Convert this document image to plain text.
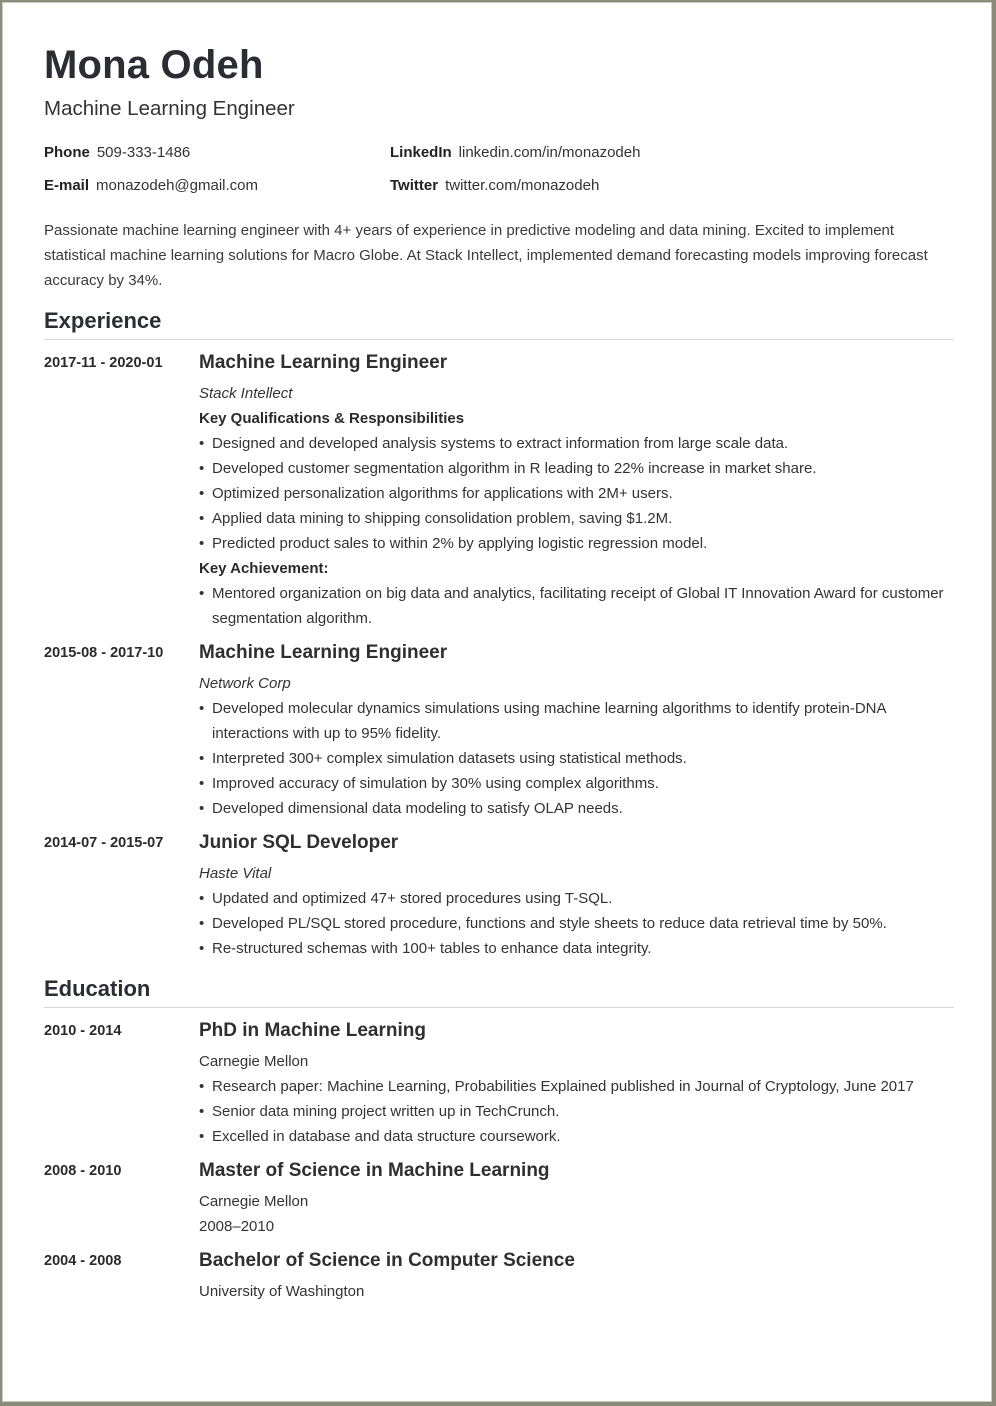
Mona Odeh
Machine Learning Engineer
Phone 509-333-1486	LinkedIn linkedin.com/in/monazodeh
E-mail monazodeh@gmail.com	Twitter twitter.com/monazodeh
Passionate machine learning engineer with 4+ years of experience in predictive modeling and data mining. Excited to implement statistical machine learning solutions for Macro Globe. At Stack Intellect, implemented demand forecasting models improving forecast accuracy by 34%.
Experience
2017-11 - 2020-01 Machine Learning Engineer
Stack Intellect
Key Qualifications & Responsibilities
• Designed and developed analysis systems to extract information from large scale data.
• Developed customer segmentation algorithm in R leading to 22% increase in market share.
• Optimized personalization algorithms for applications with 2M+ users.
• Applied data mining to shipping consolidation problem, saving $1.2M.
• Predicted product sales to within 2% by applying logistic regression model.
Key Achievement:
• Mentored organization on big data and analytics, facilitating receipt of Global IT Innovation Award for customer segmentation algorithm.
2015-08 - 2017-10 Machine Learning Engineer
Network Corp
• Developed molecular dynamics simulations using machine learning algorithms to identify protein-DNA interactions with up to 95% fidelity.
• Interpreted 300+ complex simulation datasets using statistical methods.
• Improved accuracy of simulation by 30% using complex algorithms.
• Developed dimensional data modeling to satisfy OLAP needs.
2014-07 - 2015-07 Junior SQL Developer
Haste Vital
• Updated and optimized 47+ stored procedures using T-SQL.
• Developed PL/SQL stored procedure, functions and style sheets to reduce data retrieval time by 50%.
• Re-structured schemas with 100+ tables to enhance data integrity.
Education
2010 - 2014	PhD in Machine Learning
Carnegie Mellon
• Research paper: Machine Learning, Probabilities Explained published in Journal of Cryptology, June 2017
• Senior data mining project written up in TechCrunch.
• Excelled in database and data structure coursework.
2008 - 2010	Master of Science in Machine Learning
Carnegie Mellon
2008–2010
2004 - 2008	Bachelor of Science in Computer Science
University of Washington
